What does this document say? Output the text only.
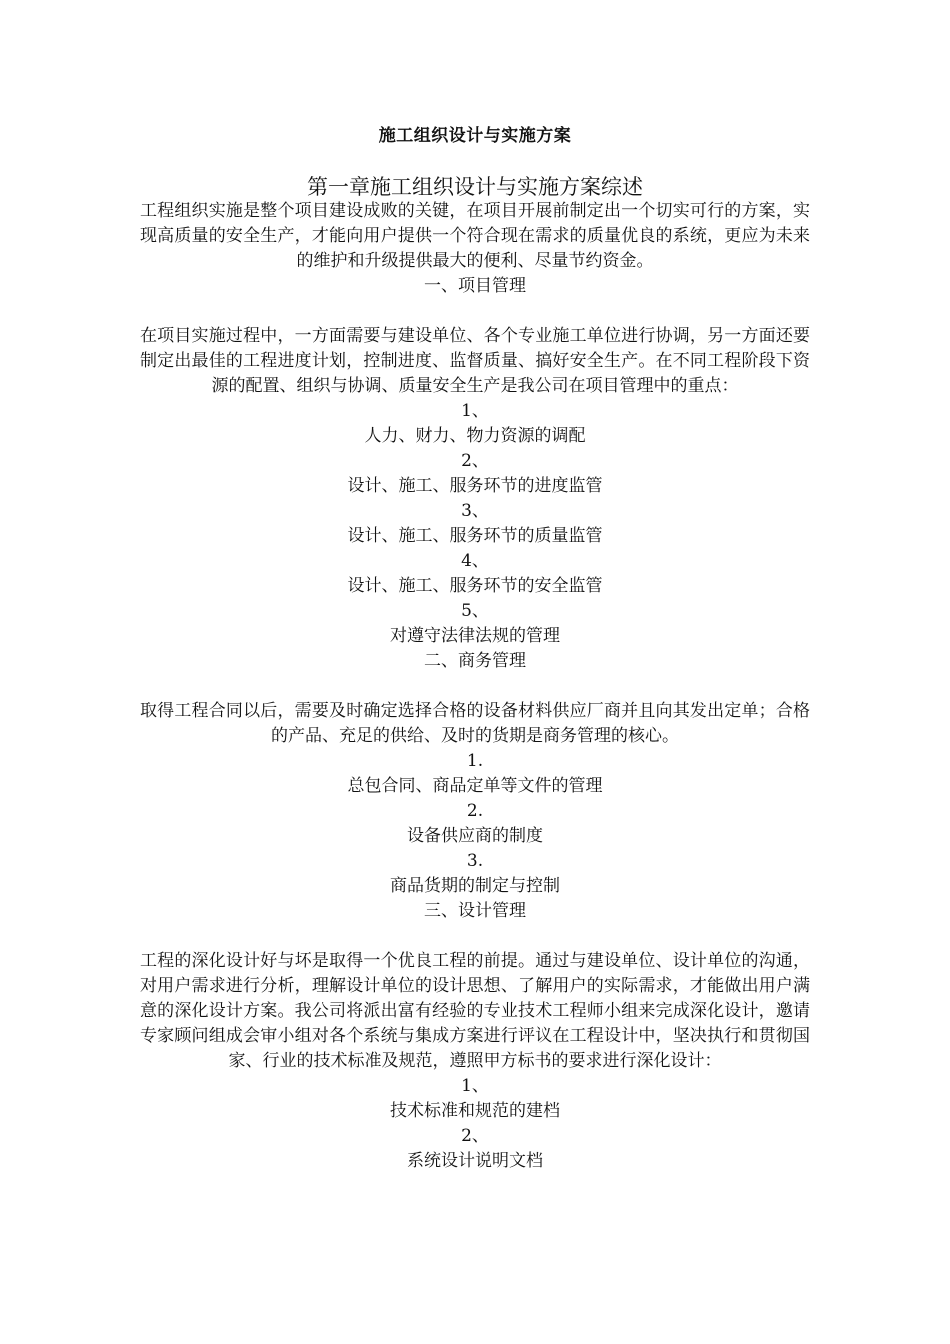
施工组织设计与实施方案
第一章施工组织设计与实施方案综述

工程组织实施是整个项目建设成败的关键，在项目开展前制定出一个切实可行的方案，实现高质量的安全生产，才能向用户提供一个符合现在需求的质量优良的系统，更应为未来的维护和升级提供最大的便利、尽量节约资金。

一、项目管理

在项目实施过程中，一方面需要与建设单位、各个专业施工单位进行协调，另一方面还要制定出最佳的工程进度计划，控制进度、监督质量、搞好安全生产。在不同工程阶段下资源的配置、组织与协调、质量安全生产是我公司在项目管理中的重点：

1、

人力、财力、物力资源的调配

2、

设计、施工、服务环节的进度监管

3、

设计、施工、服务环节的质量监管

4、

设计、施工、服务环节的安全监管

5、

对遵守法律法规的管理

二、商务管理

取得工程合同以后，需要及时确定选择合格的设备材料供应厂商并且向其发出定单；合格的产品、充足的供给、及时的货期是商务管理的核心。

1.

总包合同、商品定单等文件的管理

2.

设备供应商的制度

3.

商品货期的制定与控制

三、设计管理

工程的深化设计好与坏是取得一个优良工程的前提。通过与建设单位、设计单位的沟通，对用户需求进行分析，理解设计单位的设计思想、了解用户的实际需求，才能做出用户满意的深化设计方案。我公司将派出富有经验的专业技术工程师小组来完成深化设计，邀请专家顾问组成会审小组对各个系统与集成方案进行评议在工程设计中，坚决执行和贯彻国家、行业的技术标准及规范，遵照甲方标书的要求进行深化设计：

1、

技术标准和规范的建档

2、

系统设计说明文档
